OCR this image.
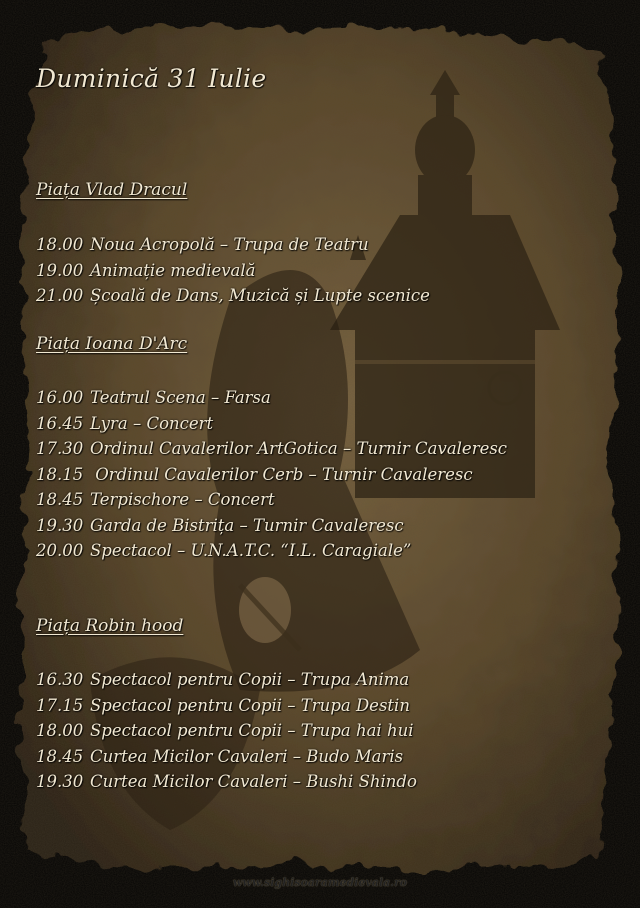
Duminică 31 Iulie
Piața Vlad Dracul
18.00 Noua Acropolă – Trupa de Teatru
19.00 Animație medievală
21.00 Școală de Dans, Muzică și Lupte scenice
Piața Ioana D'Arc
16.00 Teatrul Scena – Farsa
16.45 Lyra – Concert
17.30 Ordinul Cavalerilor ArtGotica – Turnir Cavaleresc
18.15 Ordinul Cavalerilor Cerb – Turnir Cavaleresc
18.45 Terpischore – Concert
19.30 Garda de Bistrița – Turnir Cavaleresc
20.00 Spectacol – U.N.A.T.C. “I.L. Caragiale”
Piața Robin hood
16.30 Spectacol pentru Copii – Trupa Anima
17.15 Spectacol pentru Copii – Trupa Destin
18.00 Spectacol pentru Copii – Trupa hai hui
18.45 Curtea Micilor Cavaleri – Budo Maris
19.30 Curtea Micilor Cavaleri – Bushi Shindo
www.sighisoaramedievala.ro
